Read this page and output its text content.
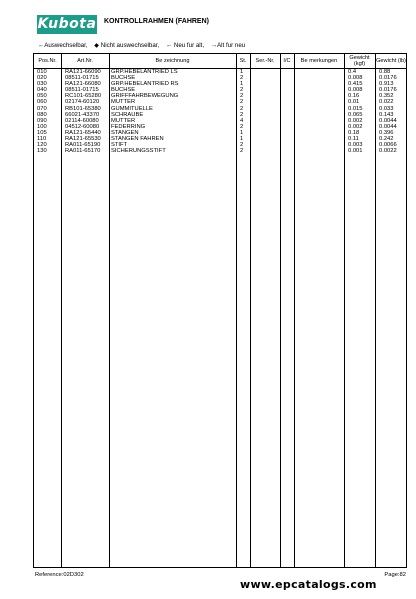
Kubota KONTROLLRAHMEN (FAHREN)
←Auswechselbar, ◆ Nicht auswechselbar, ← Neu fur alt, →Alt fur neu
Pos.Nr.	Art.Nr.	Be zeichnung	St.	Ser.-Nr.	I/C	Be merkungen	Gewicht (kgf)	Gewicht (lb)
010	RA121-66090 GRP.HEBELANTRIED LS	1	0.4	0.88
020	08511-01715 BUCHSE	2	0.008	0.0176
030	RA121-66080 GRP.HEBELANTRIED RS	1	0.415	0.913
040	08511-01715 BUCHSE	2	0.008	0.0176
050	RC101-65280 GRIFFFAHRBEWEGUNG	2	0.16	0.352
060	02174-60120 MUTTER	2	0.01	0.022
070	RB101-65380 GUMMITUELLE	2	0.015	0.033
080	66021-43370 SCHRAUBE	2	0.065	0.143
090	02114-60080 MUTTER	4	0.002	0.0044
100	04512-60080 FEDERRING	2	0.002	0.0044
105	RA121-65440 STANGEN	1	0.18	0.396
110	RA121-65530 STANGEN FAHREN	1	0.11	0.242
120	RA011-65190 STIFT	2	0.003	0.0066
130	RA011-65170 SICHERUNGSSTIFT	2	0.001	0.0022
Reference:02D302	Page:82
www.epcatalogs.com
